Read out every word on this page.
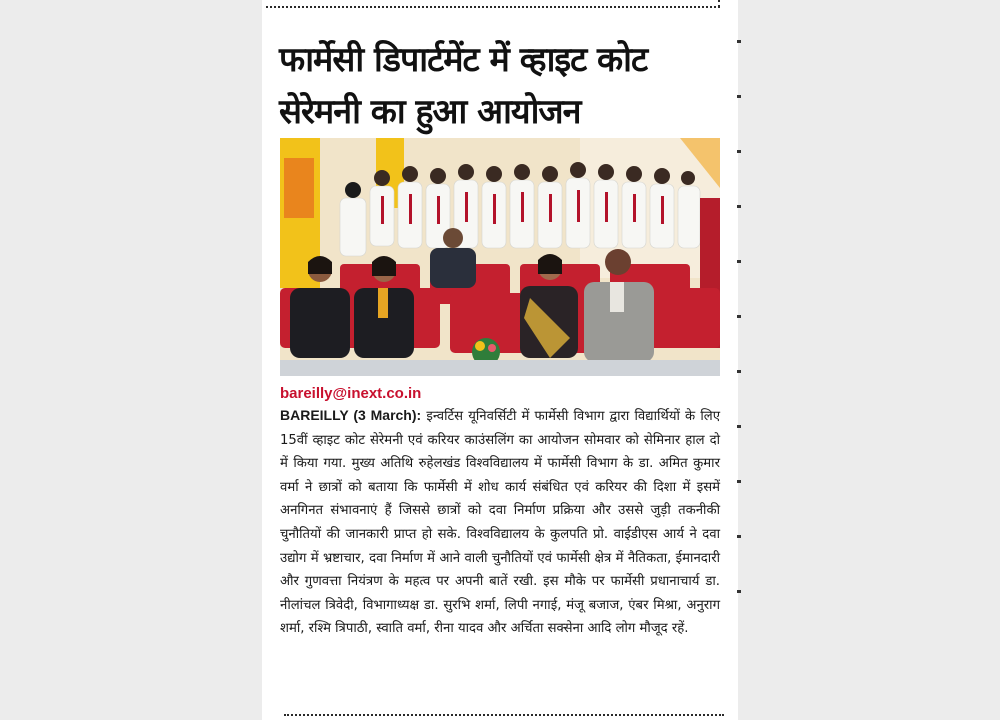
फार्मेसी डिपार्टमेंट में व्हाइट कोट सेरेमनी का हुआ आयोजन

bareilly@inext.co.in

BAREILLY (3 March): इन्वर्टिस यूनिवर्सिटी में फार्मेसी विभाग द्वारा विद्यार्थियों के लिए 15वीं व्हाइट कोट सेरेमनी एवं करियर काउंसलिंग का आयोजन सोमवार को सेमिनार हाल दो में किया गया. मुख्य अतिथि रुहेलखंड विश्वविद्यालय में फार्मेसी विभाग के डा. अमित कुमार वर्मा ने छात्रों को बताया कि फार्मेसी में शोध कार्य संबंधित एवं करियर की दिशा में इसमें अनगिनत संभावनाएं हैं जिससे छात्रों को दवा निर्माण प्रक्रिया और उससे जुड़ी तकनीकी चुनौतियों की जानकारी प्राप्त हो सके. विश्वविद्यालय के कुलपति प्रो. वाईडीएस आर्य ने दवा उद्योग में भ्रष्टाचार, दवा निर्माण में आने वाली चुनौतियों एवं फार्मेसी क्षेत्र में नैतिकता, ईमानदारी और गुणवत्ता नियंत्रण के महत्व पर अपनी बातें रखी. इस मौके पर फार्मेसी प्रधानाचार्य डा. नीलांचल त्रिवेदी, विभागाध्यक्ष डा. सुरभि शर्मा, लिपी नगाई, मंजू बजाज, एंबर मिश्रा, अनुराग शर्मा, रश्मि त्रिपाठी, स्वाति वर्मा, रीना यादव और अर्चिता सक्सेना आदि लोग मौजूद रहें.
